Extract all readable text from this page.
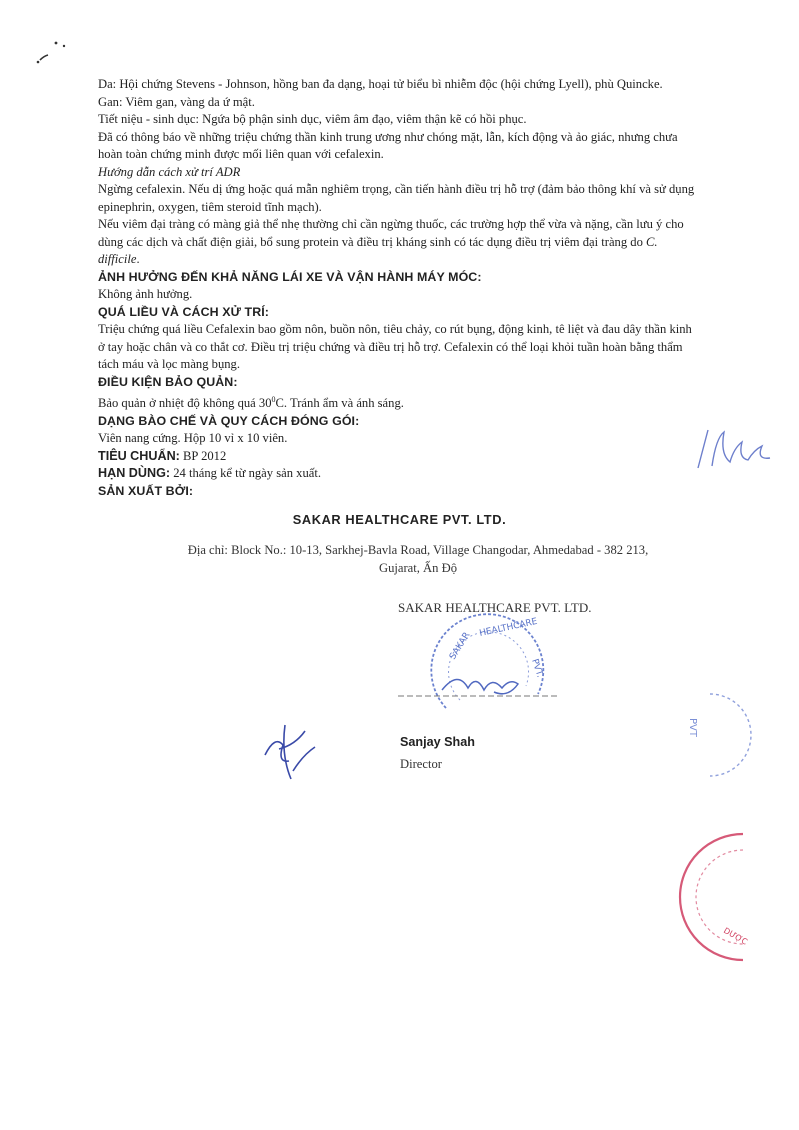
Da: Hội chứng Stevens - Johnson, hồng ban đa dạng, hoại tử biểu bì nhiễm độc (hội chứng Lyell), phù Quincke.

Gan: Viêm gan, vàng da ứ mật.

Tiết niệu - sinh dục: Ngứa bộ phận sinh dục, viêm âm đạo, viêm thận kẽ có hồi phục.

Đã có thông báo về những triệu chứng thần kinh trung ương như chóng mặt, lẫn, kích động và ảo giác, nhưng chưa hoàn toàn chứng minh được mối liên quan với cefalexin.

Hướng dẫn cách xử trí ADR

Ngừng cefalexin. Nếu dị ứng hoặc quá mẫn nghiêm trọng, cần tiến hành điều trị hỗ trợ (đảm bảo thông khí và sử dụng epinephrin, oxygen, tiêm steroid tĩnh mạch).

Nếu viêm đại tràng có màng giả thể nhẹ thường chỉ cần ngừng thuốc, các trường hợp thể vừa và nặng, cần lưu ý cho dùng các dịch và chất điện giải, bổ sung protein và điều trị kháng sinh có tác dụng điều trị viêm đại tràng do C. difficile.

ẢNH HƯỞNG ĐẾN KHẢ NĂNG LÁI XE VÀ VẬN HÀNH MÁY MÓC:

Không ảnh hưởng.

QUÁ LIỀU VÀ CÁCH XỬ TRÍ:

Triệu chứng quá liều Cefalexin bao gồm nôn, buồn nôn, tiêu chảy, co rút bụng, động kinh, tê liệt và đau dây thần kinh ở tay hoặc chân và co thắt cơ. Điều trị triệu chứng và điều trị hỗ trợ. Cefalexin có thể loại khỏi tuần hoàn bằng thẩm tách máu và lọc màng bụng.

ĐIỀU KIỆN BẢO QUẢN:

Bảo quản ở nhiệt độ không quá $30^0C$. Tránh ẩm và ánh sáng.

DẠNG BÀO CHẾ VÀ QUY CÁCH ĐÓNG GÓI:

Viên nang cứng. Hộp 10 vỉ x 10 viên.

TIÊU CHUẨN: BP 2012

HẠN DÙNG: 24 tháng kể từ ngày sản xuất.

SẢN XUẤT BỞI:

SAKAR HEALTHCARE PVT. LTD.
Địa chỉ: Block No.: 10-13, Sarkhej-Bavla Road, Village Changodar, Ahmedabad - 382 213,
Gujarat, Ấn Độ
SAKAR HEALTHCARE PVT. LTD.
SAKAR
HEALTHCARE
PVT.
Sanjay Shah
Director
PVT
DƯỢC
